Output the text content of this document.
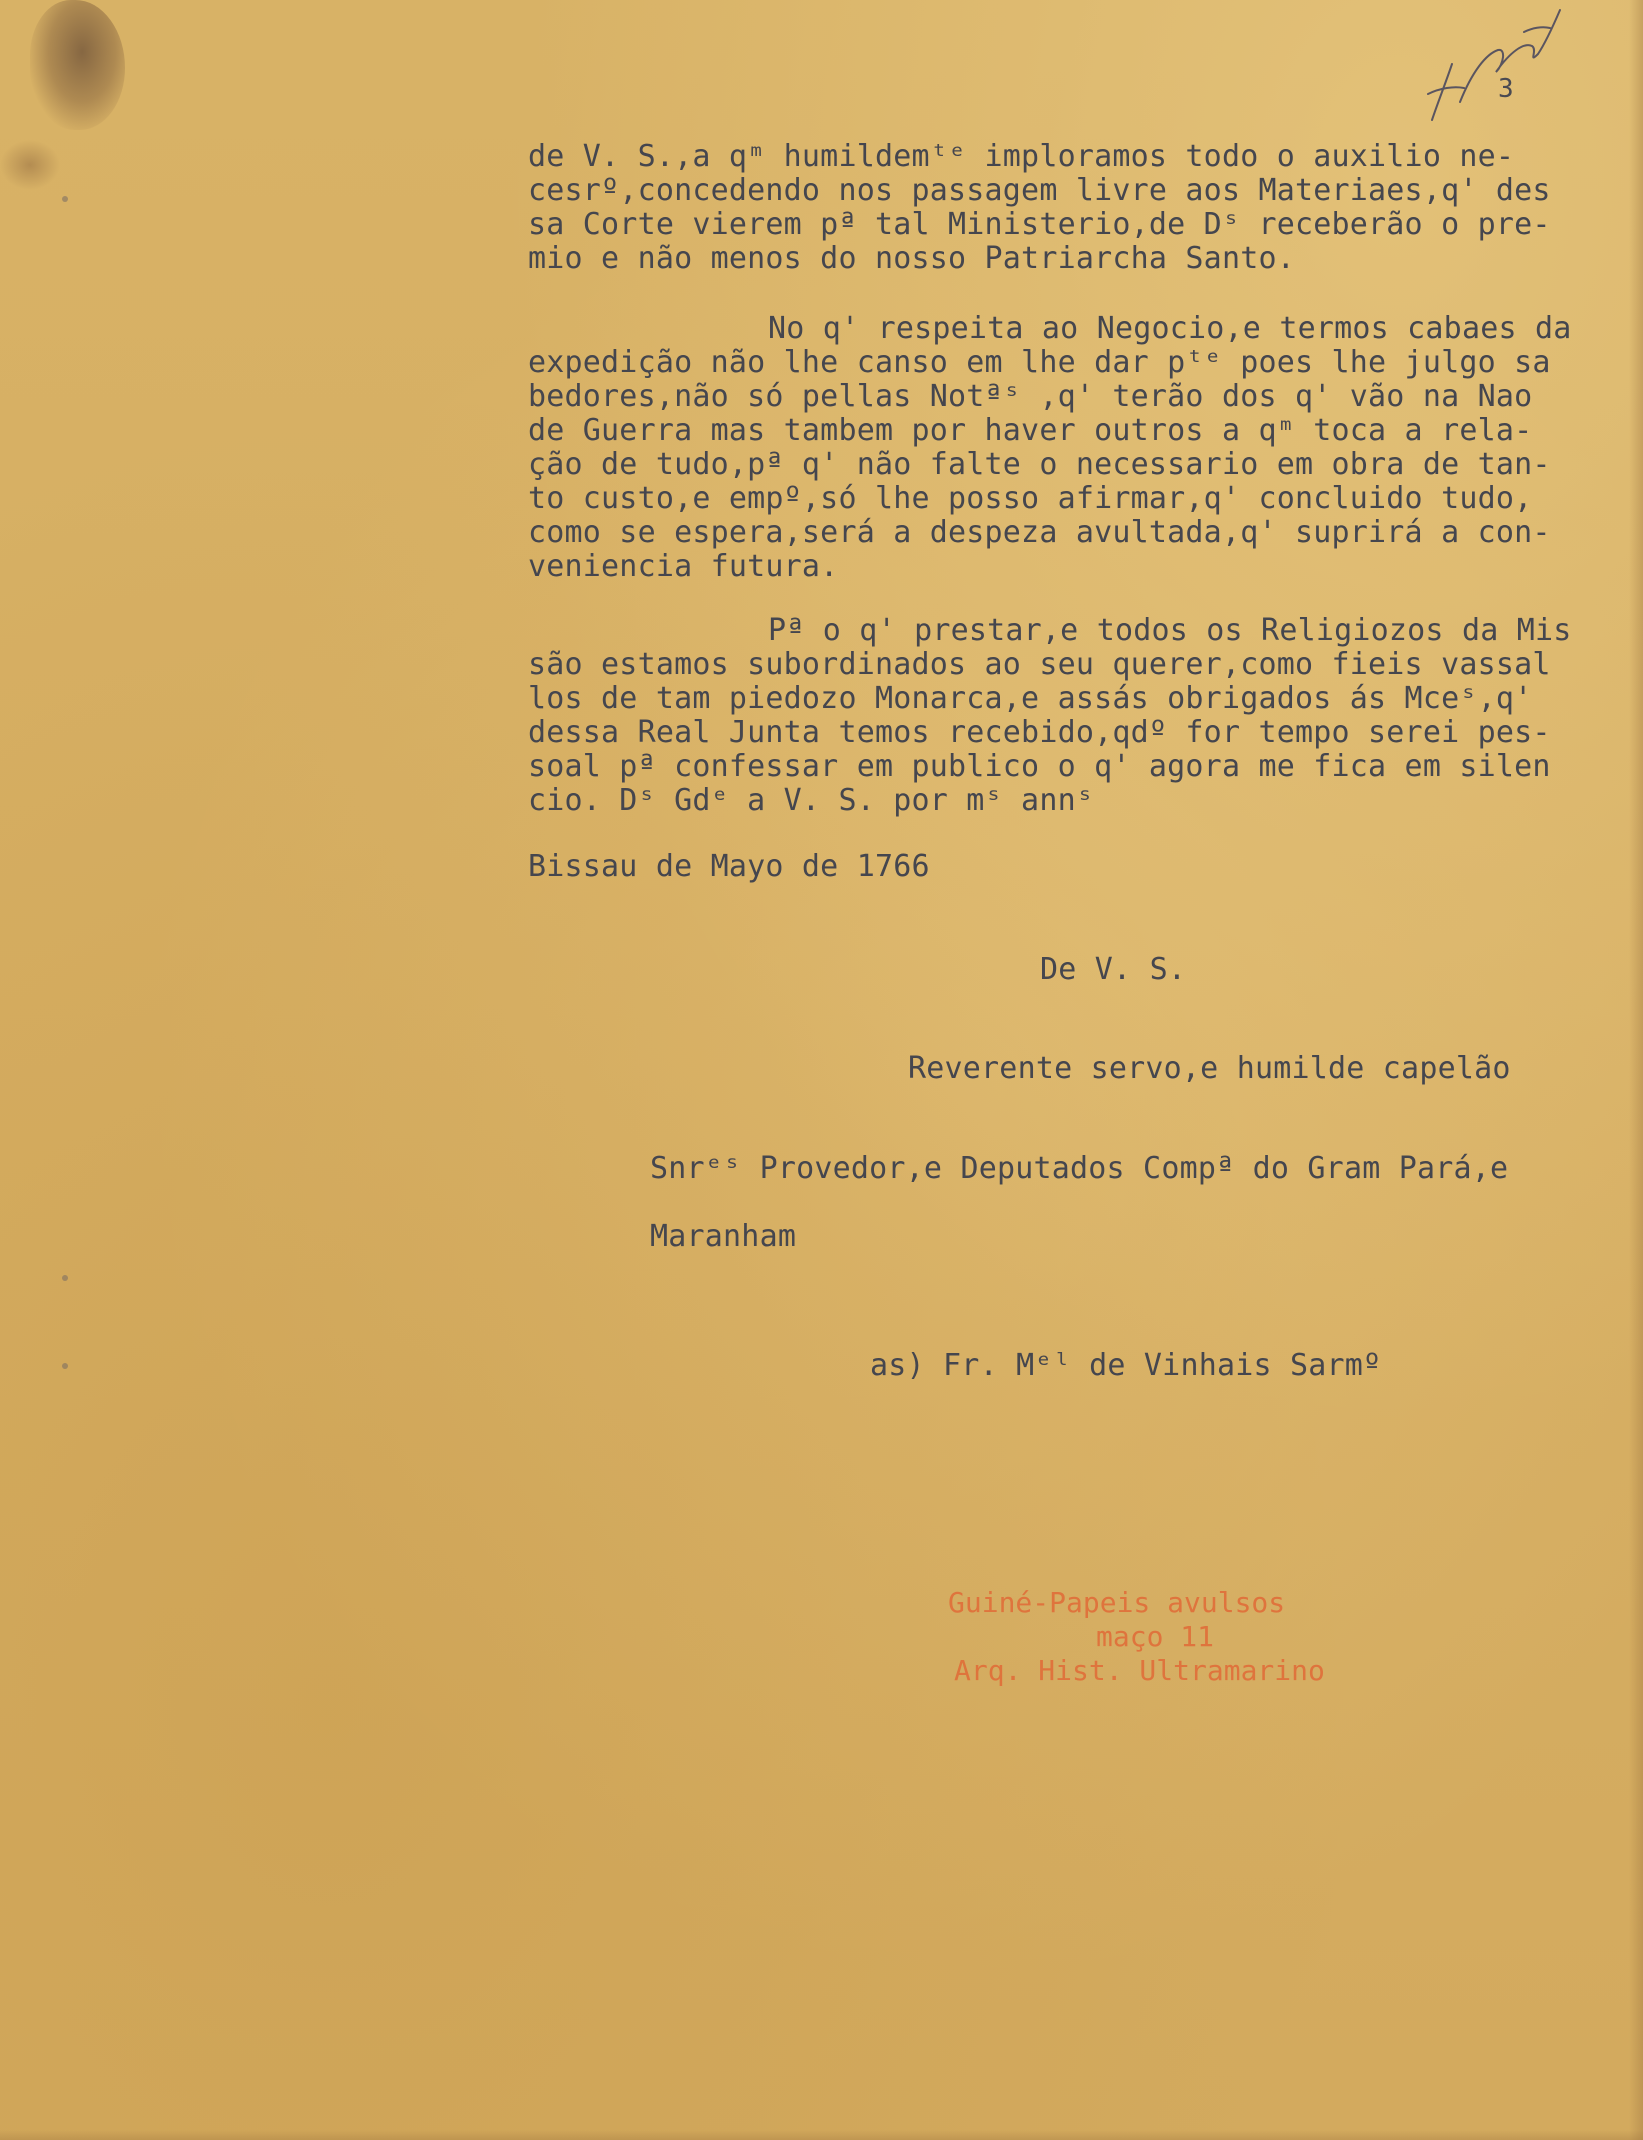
3
de V. S.,a qᵐ humildemᵗᵉ imploramos todo o auxilio ne-
cesrº,concedendo nos passagem livre aos Materiaes,q' des
sa Corte vierem pª tal Ministerio,de Dˢ receberão o pre-
mio e não menos do nosso Patriarcha Santo.
No q' respeita ao Negocio,e termos cabaes da
expedição não lhe canso em lhe dar pᵗᵉ poes lhe julgo sa
bedores,não só pellas Notªˢ ,q' terão dos q' vão na Nao
de Guerra mas tambem por haver outros a qᵐ toca a rela-
ção de tudo,pª q' não falte o necessario em obra de tan-
to custo,e empº,só lhe posso afirmar,q' concluido tudo,
como se espera,será a despeza avultada,q' suprirá a con-
veniencia futura.
Pª o q' prestar,e todos os Religiozos da Mis
são estamos subordinados ao seu querer,como fieis vassal
los de tam piedozo Monarca,e assás obrigados ás Mceˢ,q'
dessa Real Junta temos recebido,qdº for tempo serei pes-
soal pª confessar em publico o q' agora me fica em silen
cio. Dˢ Gdᵉ a V. S. por mˢ annˢ
Bissau de Mayo de 1766
De V. S.
Reverente servo,e humilde capelão
Snrᵉˢ Provedor,e Deputados Compª do Gram Pará,e
Maranham
as) Fr. Mᵉˡ de Vinhais Sarmº
Guiné-Papeis avulsos
maço 11
Arq. Hist. Ultramarino
